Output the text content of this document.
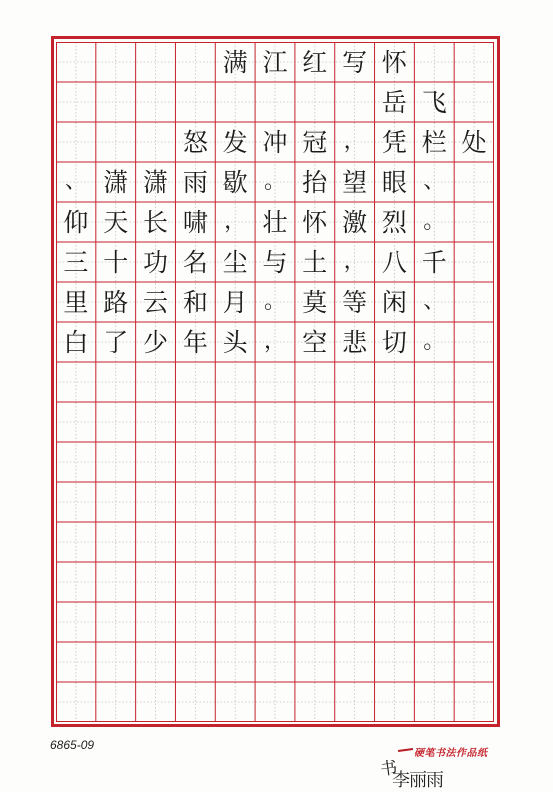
满 江 红 写 怀
岳 飞
怒 发 冲 冠 ， 凭 栏 处
、 潇 潇 雨 歇 。 抬 望 眼 、
仰 天 长 啸 ， 壮 怀 激 烈 。
三 十 功 名 尘 与 土 ， 八 千
里 路 云 和 月 。 莫 等 闲 、
白 了 少 年 头 ， 空 悲 切 。
6865-09
硬笔书法作品纸
书
李丽雨
